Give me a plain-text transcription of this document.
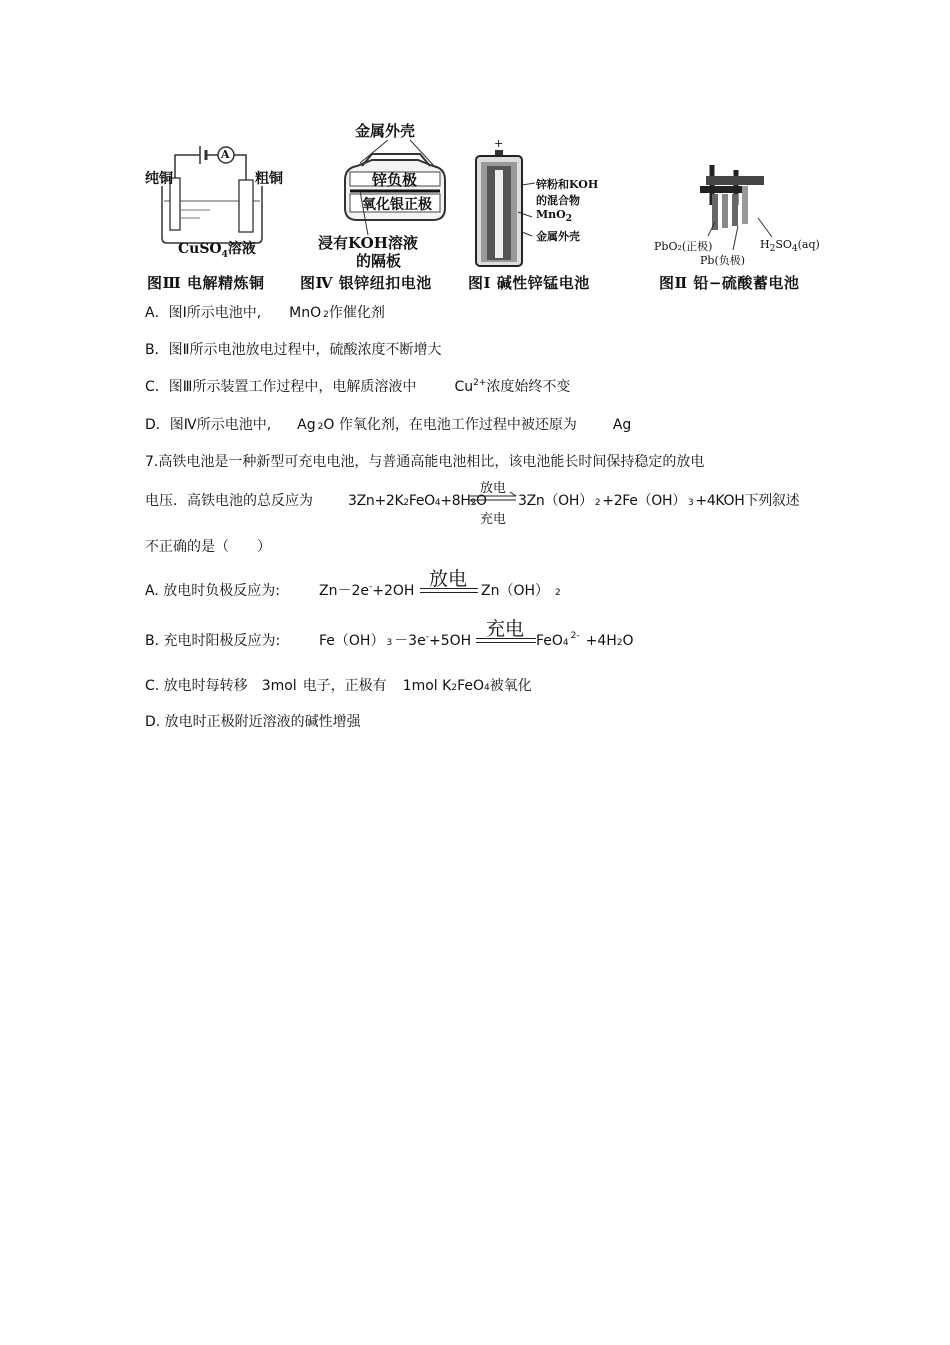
A
纯铜	粗铜
CuSO$_4$溶液
图Ⅲ 电解精炼铜
金属外壳
锌负极
氧化银正极
浸有KOH溶液
的隔板
图Ⅳ 银锌纽扣电池
+
锌粉和KOH
的混合物
MnO$_2$
金属外壳
图Ⅰ 碱性锌锰电池
PbO₂(正极)
Pb(负极)
$H_2SO_4(aq)$
图Ⅱ 铅−硫酸蓄电池
A．图Ⅰ所示电池中, MnO 2作催化剂
B．图Ⅱ所示电池放电过程中，硫酸浓度不断增大
C．图Ⅲ所示装置工作过程中，电解质溶液中	$Cu^{2+}$浓度始终不变
D．图Ⅳ所示电池中, Ag 2O 作氧化剂，在电池工作过程中被还原为	Ag
7.高铁电池是一种新型可充电电池，与普通高能电池相比，该电池能长时间保持稳定的放电
电压．高铁电池的总反应为	3Zn+2K2FeO4+8H2O
放电
充电
3Zn（OH） 2 +2Fe（OH） 3 +4KOH下列叙述
不正确的是（　　）
A. 放电时负极反应为:	Zn－2e-+2OH
放电
Zn（OH） 2
B. 充电时阳极反应为:	Fe（OH） 3 －3e-+5OH
充电
$FeO4^{2-} +4H2O$
C. 放电时每转移 3mol 电子，正极有 1mol K2FeO4被氧化
D. 放电时正极附近溶液的碱性增强
